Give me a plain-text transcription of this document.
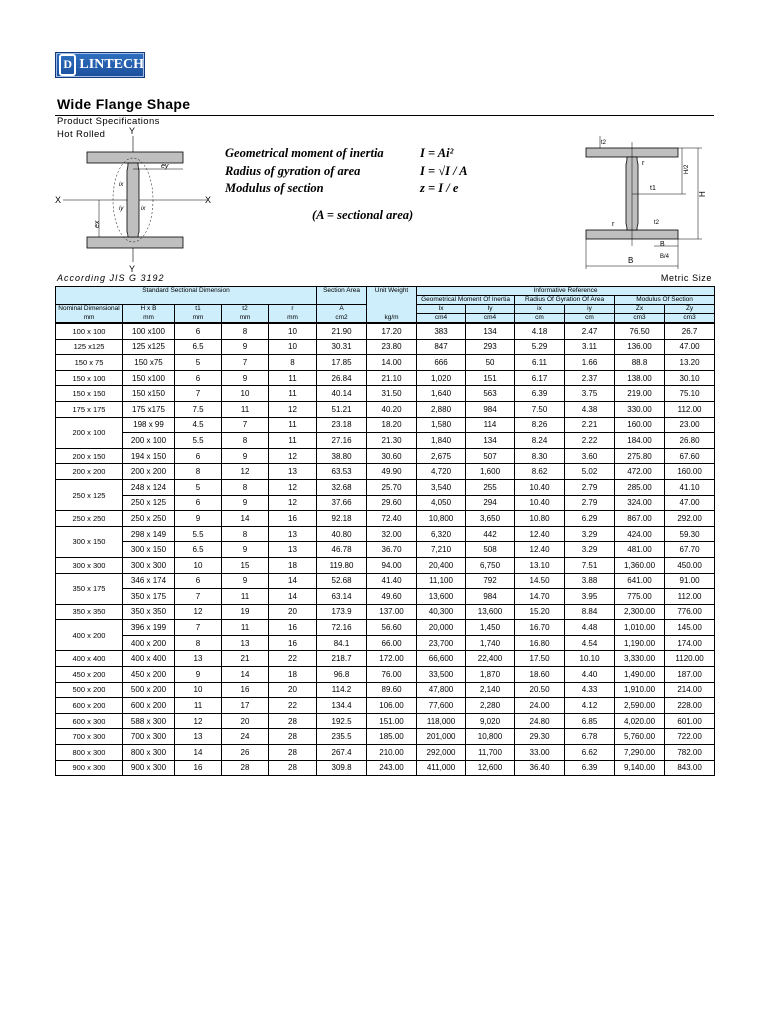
D LINTECH
Wide Flange Shape
Product Specifications
Hot Rolled	Y
Y
X	X
ey
ex
iy	ix
ix
Geometrical moment of inertia	I = Ai²
Radius of gyration of area	I = √I / A
Modulus of section	z = I / e
(A = sectional area)
t2
r
H/2
H
t1
r	t2
B
B/4
B
According JIS G 3192	Metric Size
Standard Sectional Dimension					Section Area	Unit Weight	Informative Reference					
							Geometrical Moment Of Inertia		Radius Of Gyration Of Area		Modulus Of Section	
Nominal Dimensional	H x B	t1	t2	r	A		Ix	Iy	ix	iy	Zx	Zy
mm	mm	mm	mm	mm	cm2	kg/m	cm4	cm4	cm	cm	cm3	cm3
100 x 100	100 x100	6	8	10	21.90	17.20	383	134	4.18	2.47	76.50	26.7
125 x125	125 x125	6.5	9	10	30.31	23.80	847	293	5.29	3.11	136.00	47.00
150 x 75	150 x75	5	7	8	17.85	14.00	666	50	6.11	1.66	88.8	13.20
150 x 100	150 x100	6	9	11	26.84	21.10	1,020	151	6.17	2.37	138.00	30.10
150 x 150	150 x150	7	10	11	40.14	31.50	1,640	563	6.39	3.75	219.00	75.10
175 x 175	175 x175	7.5	11	12	51.21	40.20	2,880	984	7.50	4.38	330.00	112.00
200 x 100	198 x 99	4.5	7	11	23.18	18.20	1,580	114	8.26	2.21	160.00	23.00
	200 x 100	5.5	8	11	27.16	21.30	1,840	134	8.24	2.22	184.00	26.80
200 x 150	194 x 150	6	9	12	38.80	30.60	2,675	507	8.30	3.60	275.80	67.60
200 x 200	200 x 200	8	12	13	63.53	49.90	4,720	1,600	8.62	5.02	472.00	160.00
250 x 125	248 x 124	5	8	12	32.68	25.70	3,540	255	10.40	2.79	285.00	41.10
	250 x 125	6	9	12	37.66	29.60	4,050	294	10.40	2.79	324.00	47.00
250 x 250	250 x 250	9	14	16	92.18	72.40	10,800	3,650	10.80	6.29	867.00	292.00
300 x 150	298 x 149	5.5	8	13	40.80	32.00	6,320	442	12.40	3.29	424.00	59.30
	300 x 150	6.5	9	13	46.78	36.70	7,210	508	12.40	3.29	481.00	67.70
300 x 300	300 x 300	10	15	18	119.80	94.00	20,400	6,750	13.10	7.51	1,360.00	450.00
350 x 175	346 x 174	6	9	14	52.68	41.40	11,100	792	14.50	3.88	641.00	91.00
	350 x 175	7	11	14	63.14	49.60	13,600	984	14.70	3.95	775.00	112.00
350 x 350	350 x 350	12	19	20	173.9	137.00	40,300	13,600	15.20	8.84	2,300.00	776.00
400 x 200	396 x 199	7	11	16	72.16	56.60	20,000	1,450	16.70	4.48	1,010.00	145.00
	400 x 200	8	13	16	84.1	66.00	23,700	1,740	16.80	4.54	1,190.00	174.00
400 x 400	400 x 400	13	21	22	218.7	172.00	66,600	22,400	17.50	10.10	3,330.00	1120.00
450 x 200	450 x 200	9	14	18	96.8	76.00	33,500	1,870	18.60	4.40	1,490.00	187.00
500 x 200	500 x 200	10	16	20	114.2	89.60	47,800	2,140	20.50	4.33	1,910.00	214.00
600 x 200	600 x 200	11	17	22	134.4	106.00	77,600	2,280	24.00	4.12	2,590.00	228.00
600 x 300	588 x 300	12	20	28	192.5	151.00	118,000	9,020	24.80	6.85	4,020.00	601.00
700 x 300	700 x 300	13	24	28	235.5	185.00	201,000	10,800	29.30	6.78	5,760.00	722.00
800 x 300	800 x 300	14	26	28	267.4	210.00	292,000	11,700	33.00	6.62	7,290.00	782.00
900 x 300	900 x 300	16	28	28	309.8	243.00	411,000	12,600	36.40	6.39	9,140.00	843.00
